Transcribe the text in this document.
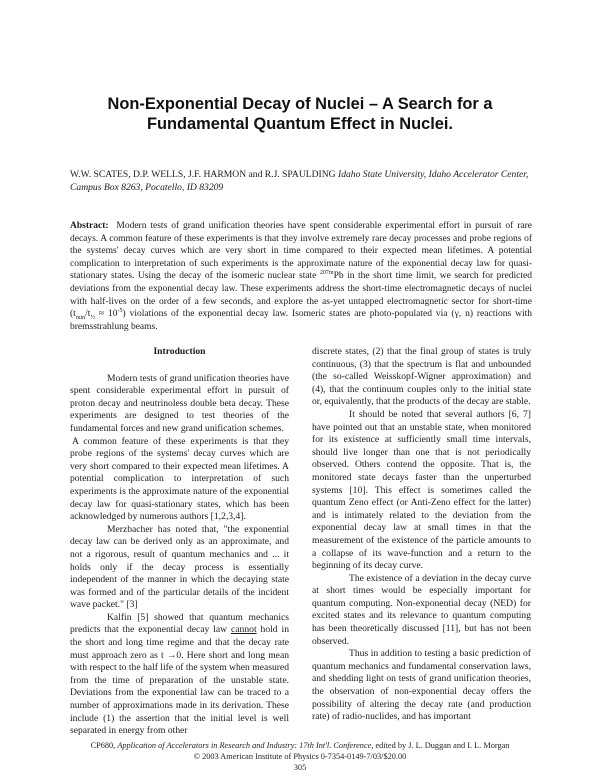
Non-Exponential Decay of Nuclei – A Search for a
Fundamental Quantum Effect in Nuclei.
W.W. SCATES, D.P. WELLS, J.F. HARMON and R.J. SPAULDING Idaho State University, Idaho Accelerator Center, Campus Box 8263, Pocatello, ID 83209
Abstract: Modern tests of grand unification theories have spent considerable experimental effort in pursuit of rare decays. A common feature of these experiments is that they involve extremely rare decay processes and probe regions of the systems' decay curves which are very short in time compared to their expected mean lifetimes. A potential complication to interpretation of such experiments is the approximate nature of the exponential decay law for quasi-stationary states. Using the decay of the isomeric nuclear state $^{207m}$Pb in the short time limit, we search for predicted deviations from the exponential decay law. These experiments address the short-time electromagnetic decays of nuclei with half-lives on the order of a few seconds, and explore the as-yet untapped electromagnetic sector for short-time $(t_{min}/t_{\frac{1}{2}} \approx 10^{-5})$ violations of the exponential decay law. Isomeric states are photo-populated via (γ, n) reactions with bremsstrahlung beams.
Introduction

Modern tests of grand unification theories have spent considerable experimental effort in pursuit of proton decay and neutrinoless double beta decay. These experiments are designed to test theories of the fundamental forces and new grand unification schemes.

A common feature of these experiments is that they probe regions of the systems' decay curves which are very short compared to their expected mean lifetimes. A potential complication to interpretation of such experiments is the approximate nature of the exponential decay law for quasi-stationary states, which has been acknowledged by numerous authors [1,2,3,4].

Merzbacher has noted that, "the exponential decay law can be derived only as an approximate, and not a rigorous, result of quantum mechanics and ... it holds only if the decay process is essentially independent of the manner in which the decaying state was formed and of the particular details of the incident wave packet." [3]

Kalfin [5] showed that quantum mechanics predicts that the exponential decay law cannot hold in the short and long time regime and that the decay rate must approach zero as t →0. Here short and long mean with respect to the half life of the system when measured from the time of preparation of the unstable state. Deviations from the exponential law can be traced to a number of approximations made in its derivation. These include (1) the assertion that the initial level is well separated in energy from other

discrete states, (2) that the final group of states is truly continuous, (3) that the spectrum is flat and unbounded (the so-called Weisskopf-Wigner approximation) and (4), that the continuum couples only to the initial state or, equivalently, that the products of the decay are stable.

It should be noted that several authors [6, 7] have pointed out that an unstable state, when monitored for its existence at sufficiently small time intervals, should live longer than one that is not periodically observed. Others contend the opposite. That is, the monitored state decays faster than the unperturbed systems [10]. This effect is sometimes called the quantum Zeno effect (or Anti-Zeno effect for the latter) and is intimately related to the deviation from the exponential decay law at small times in that the measurement of the existence of the particle amounts to a collapse of its wave-function and a return to the beginning of its decay curve.

The existence of a deviation in the decay curve at short times would be especially important for quantum computing. Non-exponential decay (NED) for excited states and its relevance to quantum computing has been theoretically discussed [11], but has not been observed.

Thus in addition to testing a basic prediction of quantum mechanics and fundamental conservation laws, and shedding light on tests of grand unification theories, the observation of non-exponential decay offers the possibility of altering the decay rate (and production rate) of radio-nuclides, and has important

CP680, Application of Accelerators in Research and Industry: 17th Int'l. Conference, edited by J. L. Duggan and I. L. Morgan
© 2003 American Institute of Physics 0-7354-0149-7/03/$20.00
305
